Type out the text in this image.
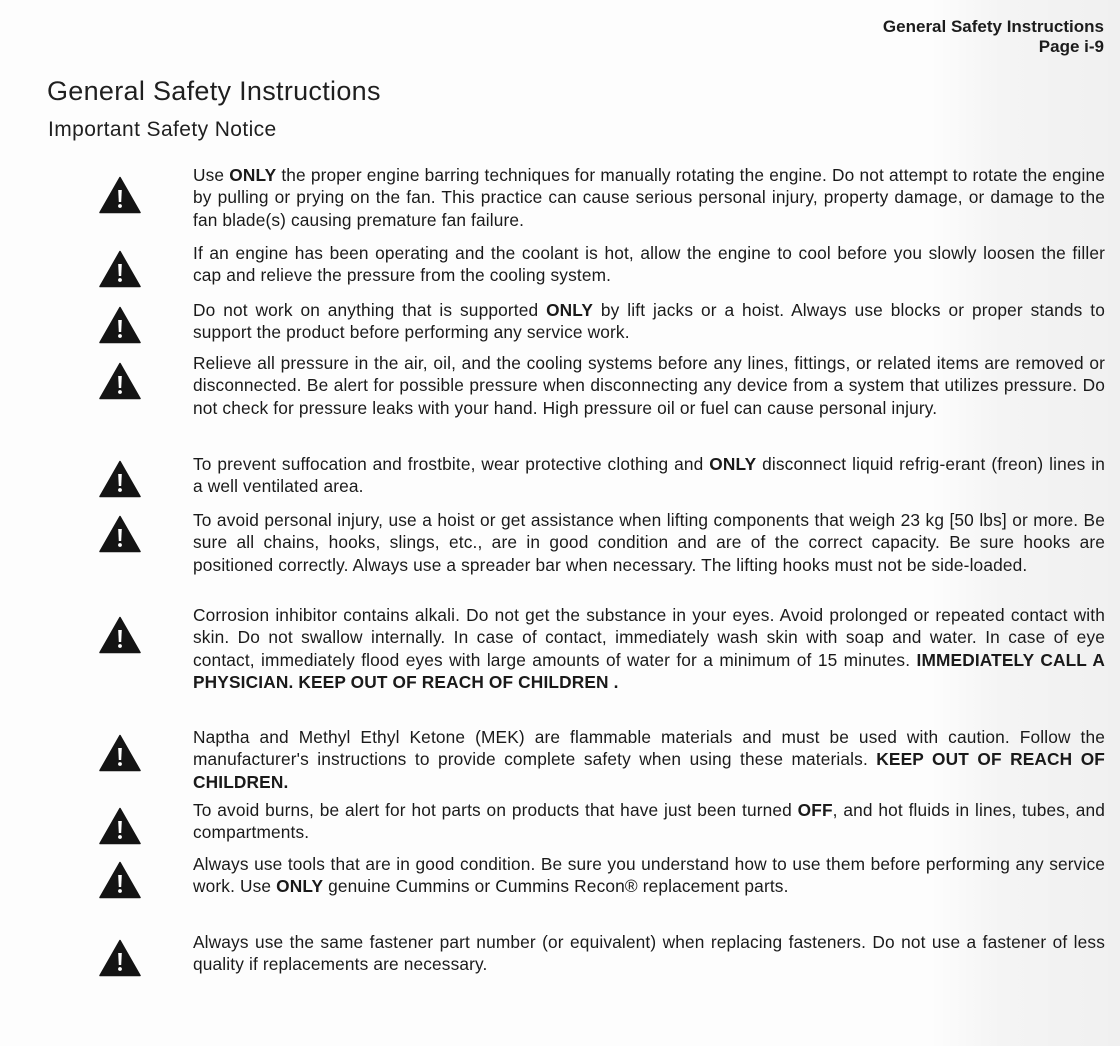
General Safety Instructions
Page i-9
General Safety Instructions
Important Safety Notice

Use ONLY the proper engine barring techniques for manually rotating the engine. Do not attempt to rotate the engine by pulling or prying on the fan. This practice can cause serious personal injury, property damage, or damage to the fan blade(s) causing premature fan failure.

If an engine has been operating and the coolant is hot, allow the engine to cool before you slowly loosen the filler cap and relieve the pressure from the cooling system.

Do not work on anything that is supported ONLY by lift jacks or a hoist. Always use blocks or proper stands to support the product before performing any service work.

Relieve all pressure in the air, oil, and the cooling systems before any lines, fittings, or related items are removed or disconnected. Be alert for possible pressure when disconnecting any device from a system that utilizes pressure. Do not check for pressure leaks with your hand. High pressure oil or fuel can cause personal injury.

To prevent suffocation and frostbite, wear protective clothing and ONLY disconnect liquid refrig-erant (freon) lines in a well ventilated area.

To avoid personal injury, use a hoist or get assistance when lifting components that weigh 23 kg [50 lbs] or more. Be sure all chains, hooks, slings, etc., are in good condition and are of the correct capacity. Be sure hooks are positioned correctly. Always use a spreader bar when necessary. The lifting hooks must not be side-loaded.

Corrosion inhibitor contains alkali. Do not get the substance in your eyes. Avoid prolonged or repeated contact with skin. Do not swallow internally. In case of contact, immediately wash skin with soap and water. In case of eye contact, immediately flood eyes with large amounts of water for a minimum of 15 minutes. IMMEDIATELY CALL A PHYSICIAN. KEEP OUT OF REACH OF CHILDREN .

Naptha and Methyl Ethyl Ketone (MEK) are flammable materials and must be used with caution. Follow the manufacturer's instructions to provide complete safety when using these materials. KEEP OUT OF REACH OF CHILDREN.

To avoid burns, be alert for hot parts on products that have just been turned OFF, and hot fluids in lines, tubes, and compartments.

Always use tools that are in good condition. Be sure you understand how to use them before performing any service work. Use ONLY genuine Cummins or Cummins Recon® replacement parts.

Always use the same fastener part number (or equivalent) when replacing fasteners. Do not use a fastener of less quality if replacements are necessary.
